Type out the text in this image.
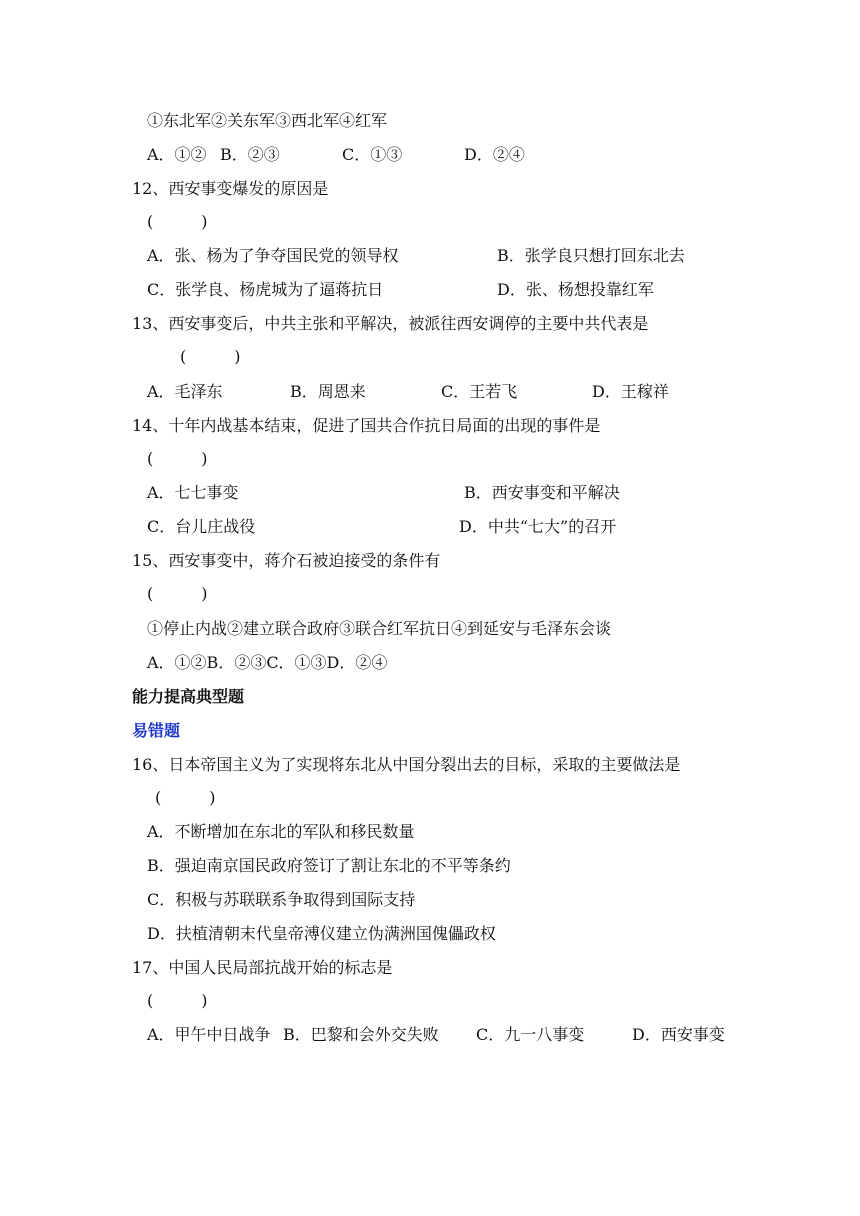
①东北军②关东军③西北军④红军
A．①② B．②③	C．①③	D．②④
12、西安事变爆发的原因是
(　　　)
A．张、杨为了争夺国民党的领导权	B．张学良只想打回东北去
C．张学良、杨虎城为了逼蒋抗日	D．张、杨想投靠红军
13、西安事变后，中共主张和平解决，被派往西安调停的主要中共代表是
(　　　)
A．毛泽东	B．周恩来	C．王若飞	D．王稼祥
14、十年内战基本结束，促进了国共合作抗日局面的出现的事件是
(　　　)
A．七七事变	B．西安事变和平解决
C．台儿庄战役	D．中共“七大”的召开
15、西安事变中，蒋介石被迫接受的条件有
(　　　)
①停止内战②建立联合政府③联合红军抗日④到延安与毛泽东会谈
A．①②B．②③C．①③D．②④
能力提高典型题
易错题
16、日本帝国主义为了实现将东北从中国分裂出去的目标，采取的主要做法是
(　　　)
A．不断增加在东北的军队和移民数量
B．强迫南京国民政府签订了割让东北的不平等条约
C．积极与苏联联系争取得到国际支持
D．扶植清朝末代皇帝溥仪建立伪满洲国傀儡政权
17、中国人民局部抗战开始的标志是
(　　　)
A．甲午中日战争 B．巴黎和会外交失败 C．九一八事变	D．西安事变
